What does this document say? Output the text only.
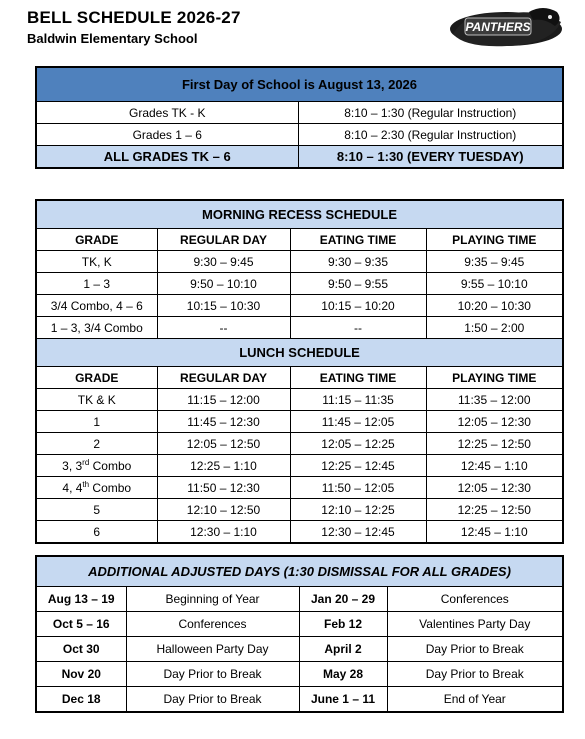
BELL SCHEDULE 2026-27
Baldwin Elementary School
PANTHERS
First Day of School is August 13, 2026	
Grades TK - K	8:10 – 1:30 (Regular Instruction)
Grades 1 – 6	8:10 – 2:30 (Regular Instruction)
ALL GRADES TK – 6	8:10 – 1:30 (EVERY TUESDAY)
MORNING RECESS SCHEDULE			
GRADE	REGULAR DAY	EATING TIME	PLAYING TIME
TK, K	9:30 – 9:45	9:30 – 9:35	9:35 – 9:45
1 – 3	9:50 – 10:10	9:50 – 9:55	9:55 – 10:10
3/4 Combo, 4 – 6	10:15 – 10:30	10:15 – 10:20	10:20 – 10:30
1 – 3, 3/4 Combo	--	--	1:50 – 2:00
LUNCH SCHEDULE			
GRADE	REGULAR DAY	EATING TIME	PLAYING TIME
TK & K	11:15 – 12:00	11:15 – 11:35	11:35 – 12:00
1	11:45 – 12:30	11:45 – 12:05	12:05 – 12:30
2	12:05 – 12:50	12:05 – 12:25	12:25 – 12:50
3, 3rd Combo	12:25 – 1:10	12:25 – 12:45	12:45 – 1:10
4, 4th Combo	11:50 – 12:30	11:50 – 12:05	12:05 – 12:30
5	12:10 – 12:50	12:10 – 12:25	12:25 – 12:50
6	12:30 – 1:10	12:30 – 12:45	12:45 – 1:10
ADDITIONAL ADJUSTED DAYS (1:30 DISMISSAL FOR ALL GRADES)			
Aug 13 – 19	Beginning of Year	Jan 20 – 29	Conferences
Oct 5 – 16	Conferences	Feb 12	Valentines Party Day
Oct 30	Halloween Party Day	April 2	Day Prior to Break
Nov 20	Day Prior to Break	May 28	Day Prior to Break
Dec 18	Day Prior to Break	June 1 – 11	End of Year
